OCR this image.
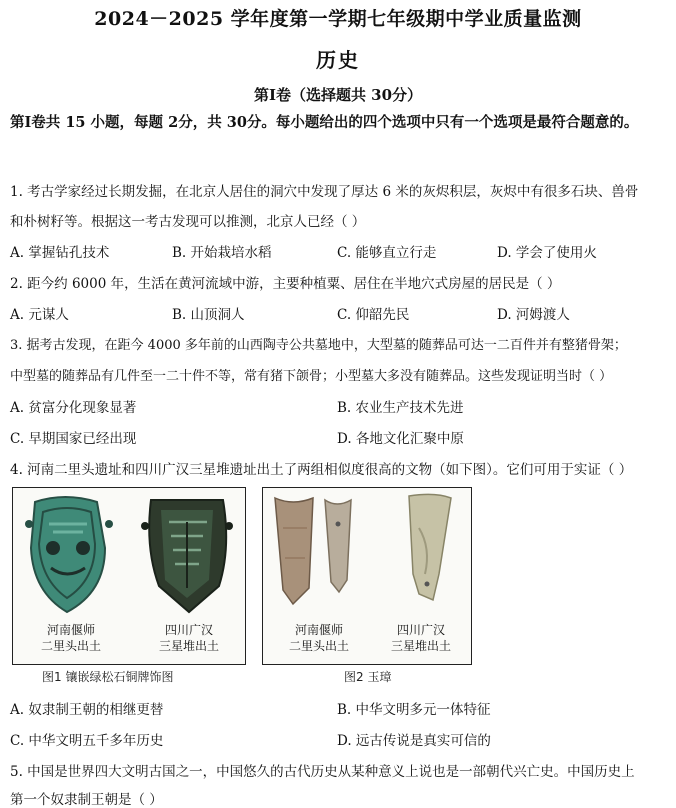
2024－2025 学年度第一学期七年级期中学业质量监测
历史
第Ⅰ卷（选择题共 30分）
第Ⅰ卷共 15 小题，每题 2分，共 30分。每小题给出的四个选项中只有一个选项是最符合题意的。
1. 考古学家经过长期发掘，在北京人居住的洞穴中发现了厚达 6 米的灰烬积层，灰烬中有很多石块、兽骨
和朴树籽等。根据这一考古发现可以推测，北京人已经（ ）
A. 掌握钻孔技术	B. 开始栽培水稻	C. 能够直立行走	D. 学会了使用火
2. 距今约 6000 年，生活在黄河流域中游，主要种植粟、居住在半地穴式房屋的居民是（ ）
A. 元谋人	B. 山顶洞人	C. 仰韶先民	D. 河姆渡人
3. 据考古发现，在距今 4000 多年前的山西陶寺公共墓地中，大型墓的随葬品可达一二百件并有整猪骨架；
中型墓的随葬品有几件至一二十件不等，常有猪下颌骨；小型墓大多没有随葬品。这些发现证明当时（ ）
A. 贫富分化现象显著	B. 农业生产技术先进
C. 早期国家已经出现	D. 各地文化汇聚中原
4. 河南二里头遗址和四川广汉三星堆遗址出土了两组相似度很高的文物（如下图）。它们可用于实证（ ）
河南偃师
二里头出土
四川广汉
三星堆出土
图1 镶嵌绿松石铜牌饰图
河南偃师
二里头出土
四川广汉
三星堆出土
图2 玉璋
A. 奴隶制王朝的相继更替	B. 中华文明多元一体特征
C. 中华文明五千多年历史	D. 远古传说是真实可信的
5. 中国是世界四大文明古国之一，中国悠久的古代历史从某种意义上说也是一部朝代兴亡史。中国历史上
第一个奴隶制王朝是（ ）
